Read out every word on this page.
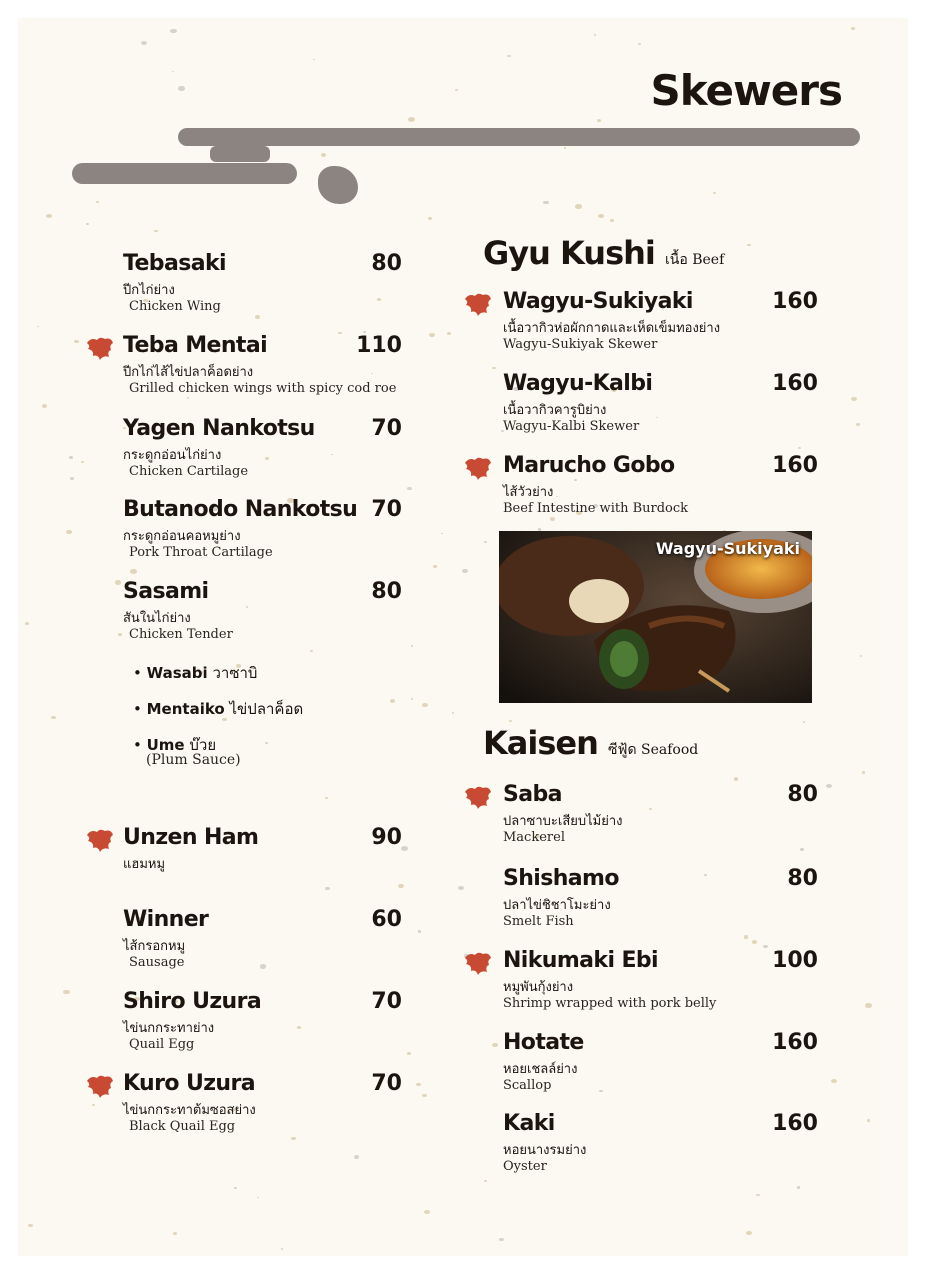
Skewers
Tebasaki	80
ปีกไก่ย่าง
Chicken Wing
Teba Mentai	110
ปีกไก่ไส้ไข่ปลาค็อดย่าง
Grilled chicken wings with spicy cod roe
Yagen Nankotsu	70
กระดูกอ่อนไก่ย่าง
Chicken Cartilage
Butanodo Nankotsu 70
กระดูกอ่อนคอหมูย่าง
Pork Throat Cartilage
Sasami	80
สันในไก่ย่าง
Chicken Tender
Unzen Ham	90
แฮมหมู
Winner	60
ไส้กรอกหมู
Sausage
Shiro Uzura	70
ไข่นกกระทาย่าง
Quail Egg
Kuro Uzura	70
ไข่นกกระทาต้มซอสย่าง
Black Quail Egg
• Wasabi วาซาบิ
• Mentaiko ไข่ปลาค็อด
• Ume บ๊วย
(Plum Sauce)
Gyu Kushi เนื้อ Beef
Wagyu-Sukiyaki	160
เนื้อวากิวห่อผักกาดและเห็ดเข็มทองย่าง
Wagyu-Sukiyak Skewer
Wagyu-Kalbi	160
เนื้อวากิวคารูบิย่าง
Wagyu-Kalbi Skewer
Marucho Gobo	160
ไส้วัวย่าง
Beef Intestine with Burdock
Wagyu-Sukiyaki
Kaisen ซีฟู้ด Seafood
Saba	80
ปลาซาบะเสียบไม้ย่าง
Mackerel
Shishamo	80
ปลาไข่ชิชาโมะย่าง
Smelt Fish
Nikumaki Ebi	100
หมูพันกุ้งย่าง
Shrimp wrapped with pork belly
Hotate	160
หอยเชลล์ย่าง
Scallop
Kaki	160
หอยนางรมย่าง
Oyster
